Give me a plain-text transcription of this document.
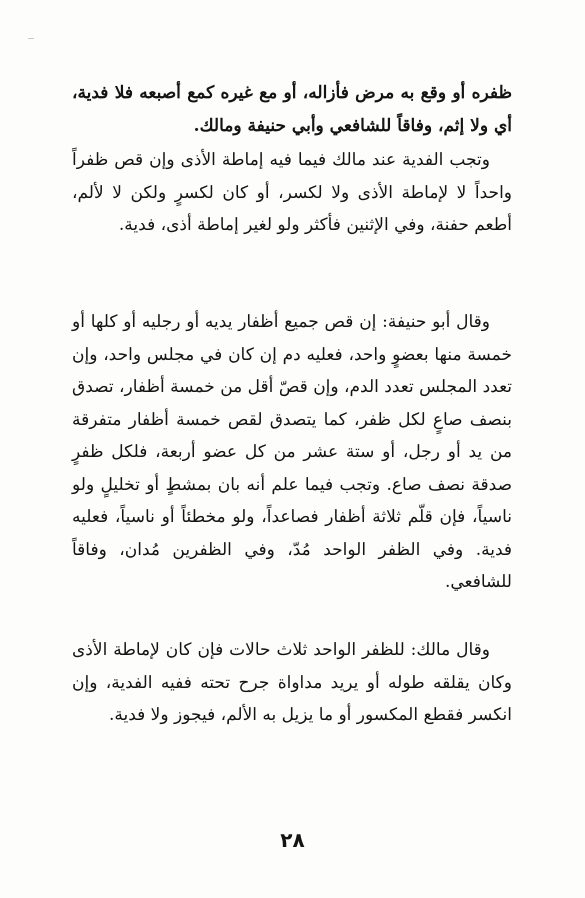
ظفره أو وقع به مرض فأزاله، أو مع غيره كمع أصبعه فلا فدية، أي ولا إثم، وفاقاً للشافعي وأبي حنيفة ومالك.

وتجب الفدية عند مالك فيما فيه إماطة الأذى وإن قص ظفراً واحداً لا لإماطة الأذى ولا لكسر، أو كان لكسرٍ ولكن لا لألم، أطعم حفنة، وفي الإثنين فأكثر ولو لغير إماطة أذى، فدية.

وقال أبو حنيفة: إن قص جميع أظفار يديه أو رجليه أو كلها أو خمسة منها بعضوٍ واحد، فعليه دم إن كان في مجلس واحد، وإن تعدد المجلس تعدد الدم، وإن قصّ أقل من خمسة أظفار، تصدق بنصف صاعٍ لكل ظفر، كما يتصدق لقص خمسة أظفار متفرقة من يد أو رجل، أو ستة عشر من كل عضو أربعة، فلكل ظفرٍ صدقة نصف صاع. وتجب فيما علم أنه بان بمشطٍ أو تخليلٍ ولو ناسياً، فإن قلّم ثلاثة أظفار فصاعداً، ولو مخطئاً أو ناسياً، فعليه فدية. وفي الظفر الواحد مُدّ، وفي الظفرين مُدان، وفاقاً للشافعي.

وقال مالك: للظفر الواحد ثلاث حالات فإن كان لإماطة الأذى وكان يقلقه طوله أو يريد مداواة جرح تحته ففيه الفدية، وإن انكسر فقطع المكسور أو ما يزيل به الألم، فيجوز ولا فدية.

٢٨
